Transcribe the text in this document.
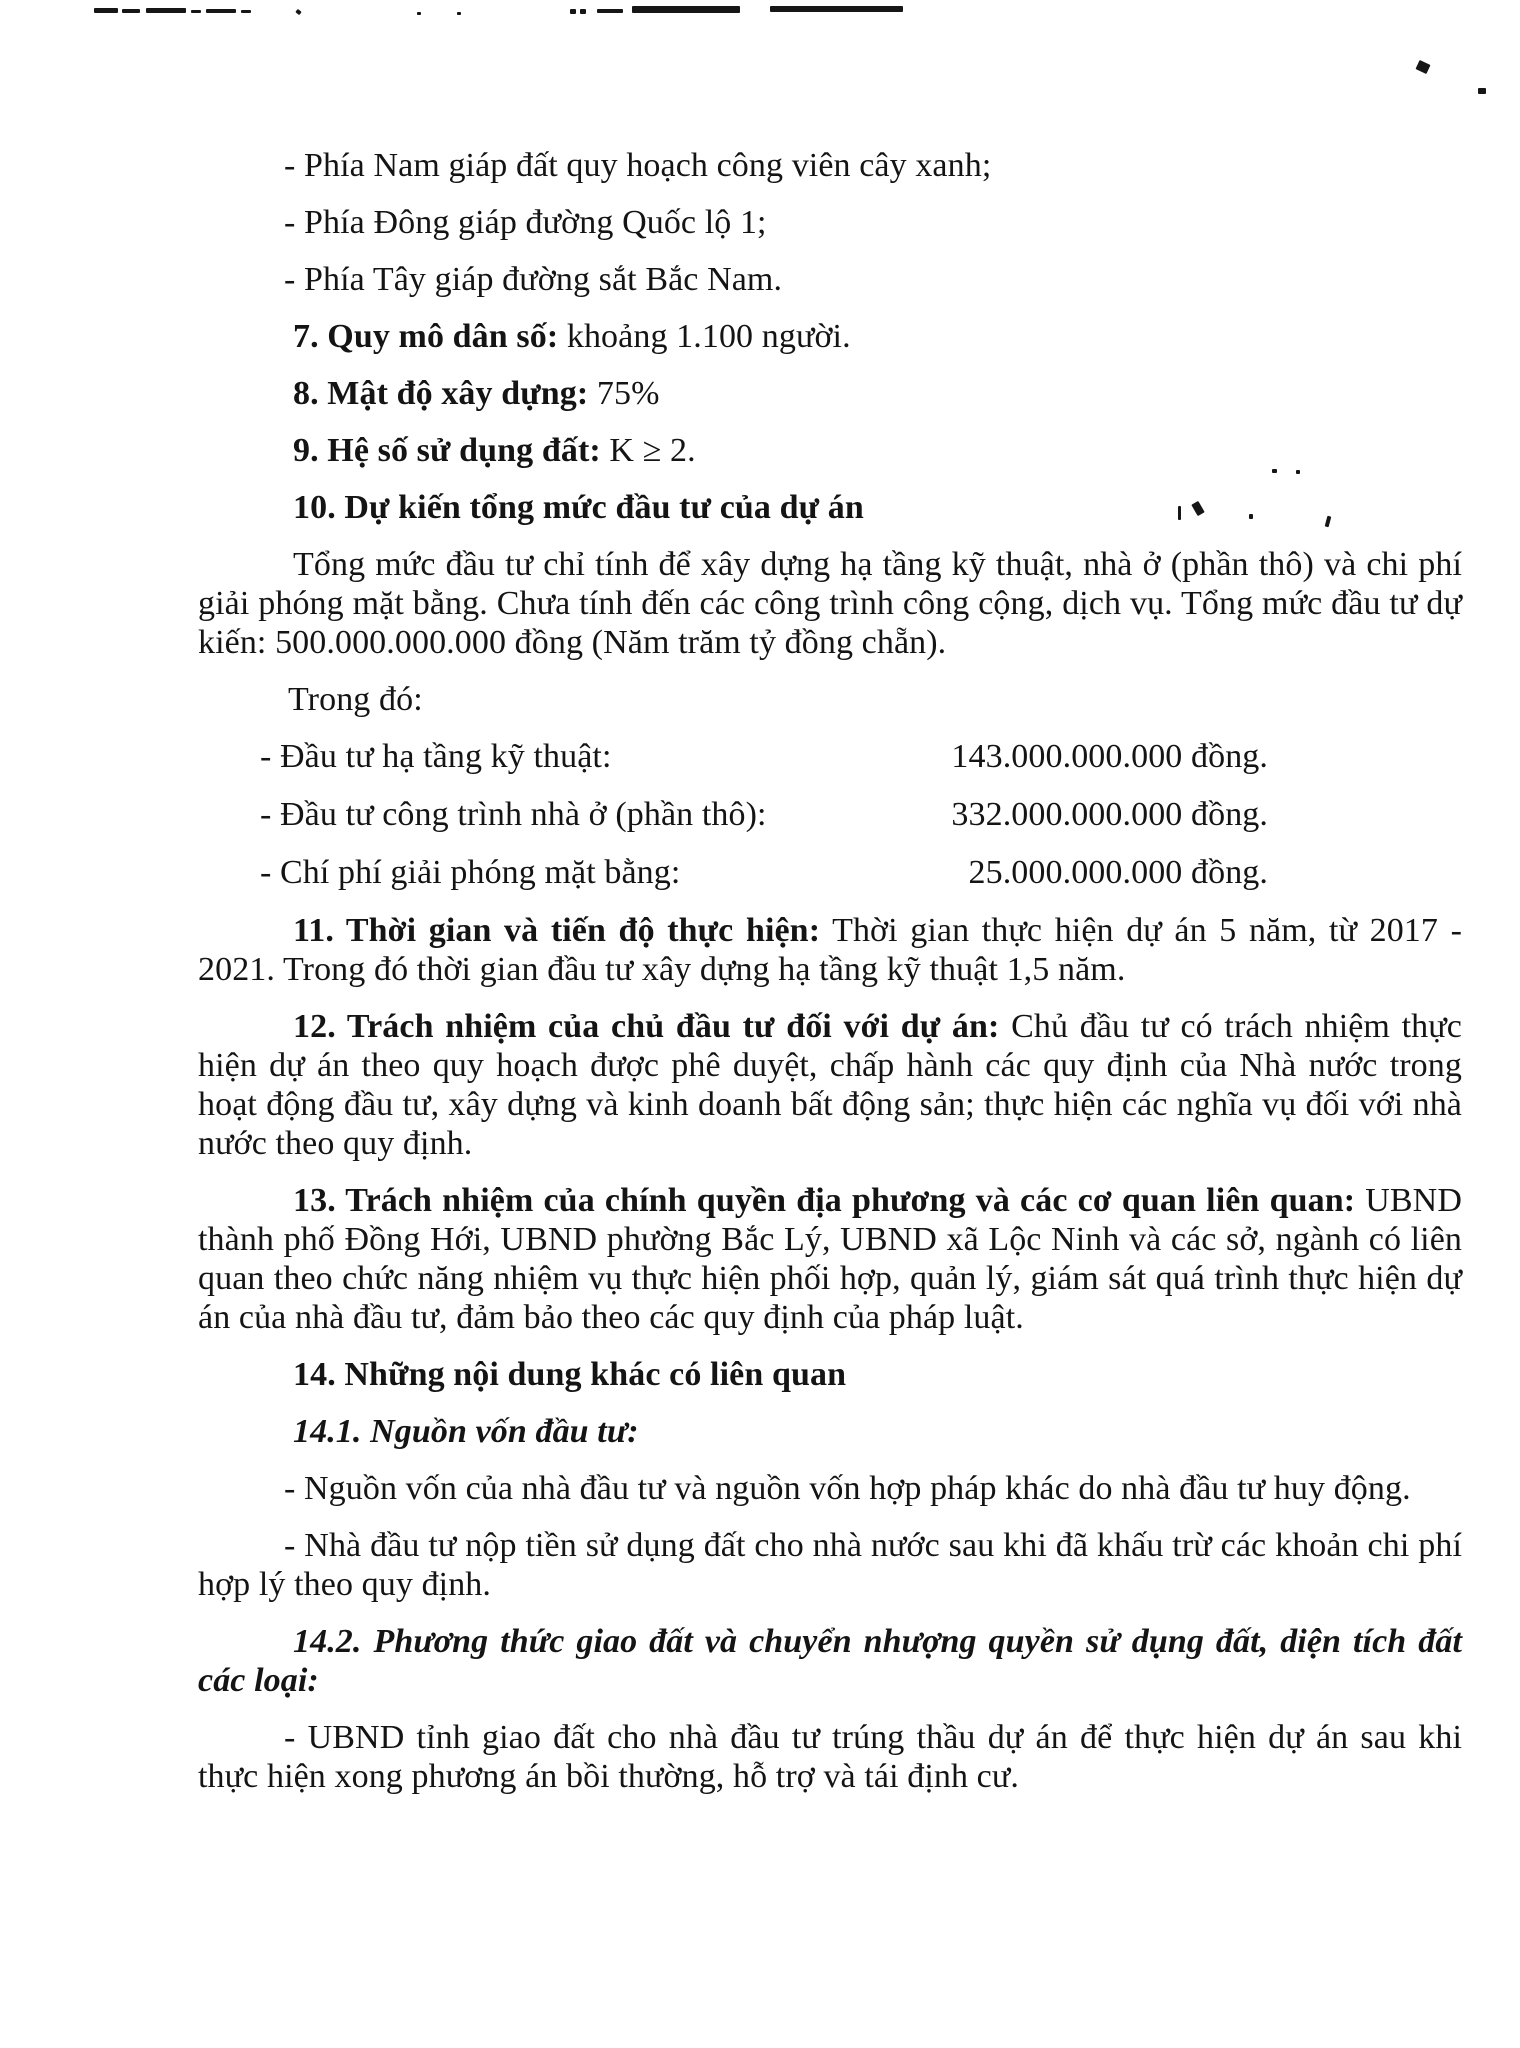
- Phía Nam giáp đất quy hoạch công viên cây xanh;

- Phía Đông giáp đường Quốc lộ 1;

- Phía Tây giáp đường sắt Bắc Nam.

7. Quy mô dân số: khoảng 1.100 người.

8. Mật độ xây dựng: 75%

9. Hệ số sử dụng đất: K ≥ 2.

10. Dự kiến tổng mức đầu tư của dự án

Tổng mức đầu tư chỉ tính để xây dựng hạ tầng kỹ thuật, nhà ở (phần thô) và chi phí giải phóng mặt bằng. Chưa tính đến các công trình công cộng, dịch vụ. Tổng mức đầu tư dự kiến: 500.000.000.000 đồng (Năm trăm tỷ đồng chẵn).

Trong đó:

- Đầu tư hạ tầng kỹ thuật:	143.000.000.000 đồng.

- Đầu tư công trình nhà ở (phần thô):	332.000.000.000 đồng.

- Chí phí giải phóng mặt bằng:	25.000.000.000 đồng.

11. Thời gian và tiến độ thực hiện: Thời gian thực hiện dự án 5 năm, từ 2017 - 2021. Trong đó thời gian đầu tư xây dựng hạ tầng kỹ thuật 1,5 năm.

12. Trách nhiệm của chủ đầu tư đối với dự án: Chủ đầu tư có trách nhiệm thực hiện dự án theo quy hoạch được phê duyệt, chấp hành các quy định của Nhà nước trong hoạt động đầu tư, xây dựng và kinh doanh bất động sản; thực hiện các nghĩa vụ đối với nhà nước theo quy định.

13. Trách nhiệm của chính quyền địa phương và các cơ quan liên quan: UBND thành phố Đồng Hới, UBND phường Bắc Lý, UBND xã Lộc Ninh và các sở, ngành có liên quan theo chức năng nhiệm vụ thực hiện phối hợp, quản lý, giám sát quá trình thực hiện dự án của nhà đầu tư, đảm bảo theo các quy định của pháp luật.

14. Những nội dung khác có liên quan

14.1. Nguồn vốn đầu tư:

- Nguồn vốn của nhà đầu tư và nguồn vốn hợp pháp khác do nhà đầu tư huy động.

- Nhà đầu tư nộp tiền sử dụng đất cho nhà nước sau khi đã khấu trừ các khoản chi phí hợp lý theo quy định.

14.2. Phương thức giao đất và chuyển nhượng quyền sử dụng đất, diện tích đất các loại:

- UBND tỉnh giao đất cho nhà đầu tư trúng thầu dự án để thực hiện dự án sau khi thực hiện xong phương án bồi thường, hỗ trợ và tái định cư.
